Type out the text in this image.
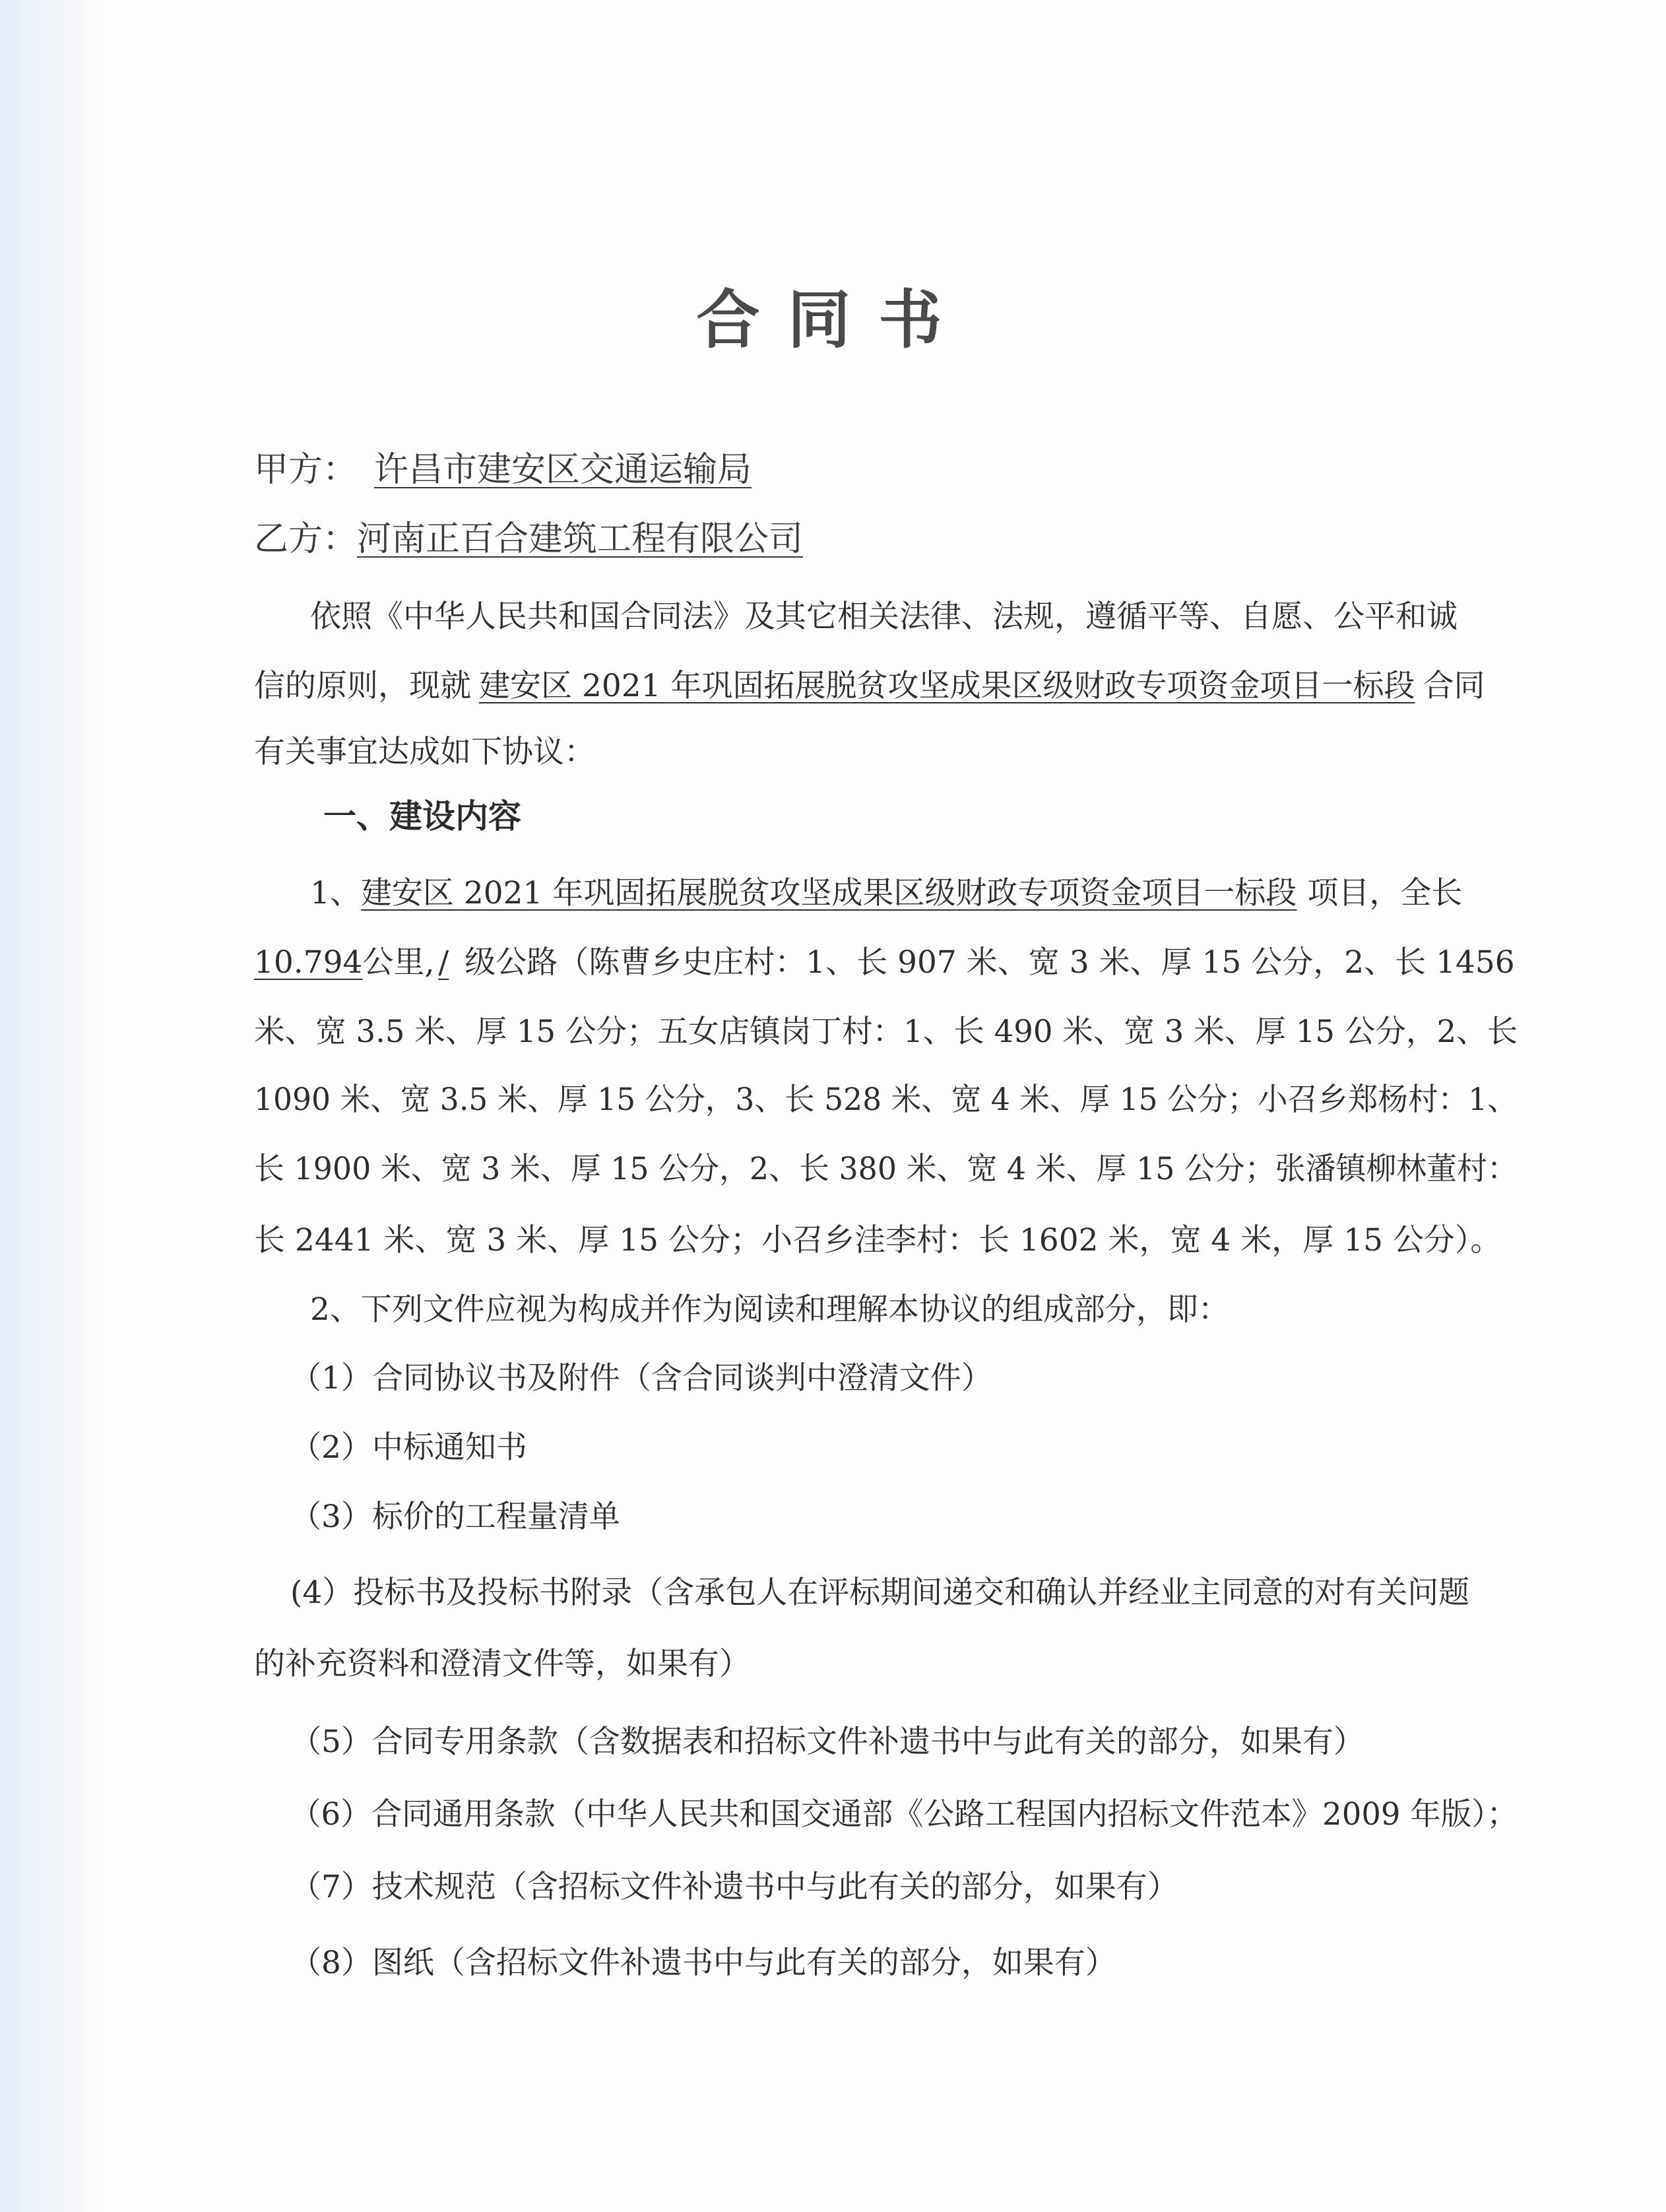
合同书
甲方： 许昌市建安区交通运输局
乙方：河南正百合建筑工程有限公司
依照《中华人民共和国合同法》及其它相关法律、法规，遵循平等、自愿、公平和诚
信的原则，现就 建安区 2021 年巩固拓展脱贫攻坚成果区级财政专项资金项目一标段 合同
有关事宜达成如下协议：
一、建设内容
1、建安区 2021 年巩固拓展脱贫攻坚成果区级财政专项资金项目一标段 项目，全长
10.794公里, / 级公路（陈曹乡史庄村：1、长 907 米、宽 3 米、厚 15 公分，2、长 1456
米、宽 3.5 米、厚 15 公分；五女店镇岗丁村：1、长 490 米、宽 3 米、厚 15 公分，2、长
1090 米、宽 3.5 米、厚 15 公分，3、长 528 米、宽 4 米、厚 15 公分；小召乡郑杨村：1、
长 1900 米、宽 3 米、厚 15 公分，2、长 380 米、宽 4 米、厚 15 公分；张潘镇柳林董村：
长 2441 米、宽 3 米、厚 15 公分；小召乡洼李村：长 1602 米，宽 4 米，厚 15 公分）。
2、下列文件应视为构成并作为阅读和理解本协议的组成部分，即：
（1）合同协议书及附件（含合同谈判中澄清文件）
（2）中标通知书
（3）标价的工程量清单
(4）投标书及投标书附录（含承包人在评标期间递交和确认并经业主同意的对有关问题
的补充资料和澄清文件等，如果有）
（5）合同专用条款（含数据表和招标文件补遗书中与此有关的部分，如果有）
（6）合同通用条款（中华人民共和国交通部《公路工程国内招标文件范本》2009 年版）；
（7）技术规范（含招标文件补遗书中与此有关的部分，如果有）
（8）图纸（含招标文件补遗书中与此有关的部分，如果有）
